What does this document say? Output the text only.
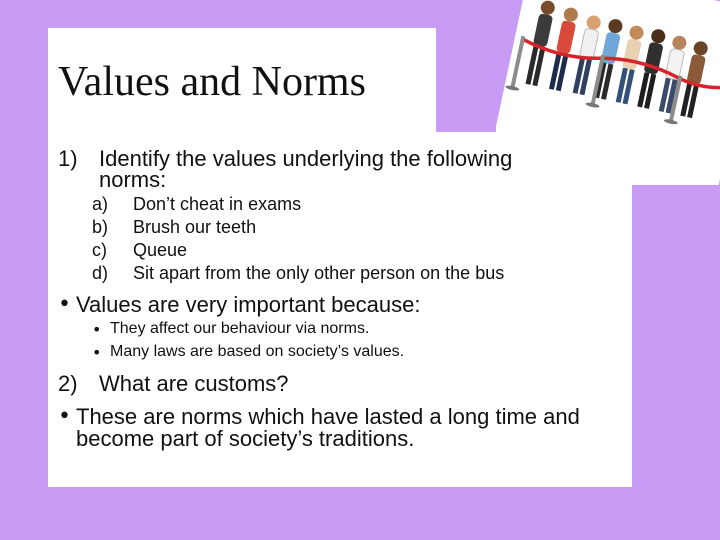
Values and Norms
1) Identify the values underlying the following
norms:
a) Don’t cheat in exams
b) Brush our teeth
c) Queue
d) Sit apart from the only other person on the bus
• Values are very important because:
• They affect our behaviour via norms.
• Many laws are based on society’s values.
2) What are customs?
• These are norms which have lasted a long time and
become part of society’s traditions.
